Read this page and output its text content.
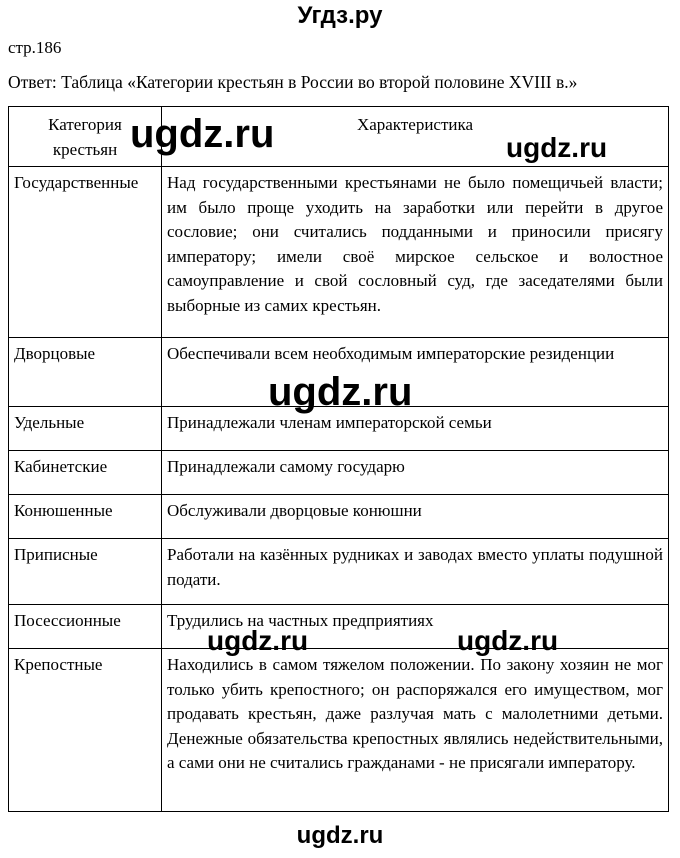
Угдз.ру
стр.186
Ответ: Таблица «Категории крестьян в России во второй половине XVIII в.»
Категория крестьян	Характеристика
Государственные	Над государственными крестьянами не было помещичьей власти; им было проще уходить на заработки или перейти в другое сословие; они считались подданными и приносили присягу императору; имели своё мирское сельское и волостное самоуправление и свой сословный суд, где заседателями были выборные из самих крестьян.
Дворцовые	Обеспечивали всем необходимым императорские резиденции
Удельные	Принадлежали членам императорской семьи
Кабинетские	Принадлежали самому государю
Конюшенные	Обслуживали дворцовые конюшни
Приписные	Работали на казённых рудниках и заводах вместо уплаты подушной подати.
Посессионные	Трудились на частных предприятиях
Крепостные	Находились в самом тяжелом положении. По закону хозяин не мог только убить крепостного; он распоряжался его имуществом, мог продавать крестьян, даже разлучая мать с малолетними детьми. Денежные обязательства крепостных являлись недействительными, а сами они не считались гражданами - не присягали императору.
ugdz.ru	ugdz.ru
ugdz.ru
ugdz.ru	ugdz.ru
ugdz.ru
